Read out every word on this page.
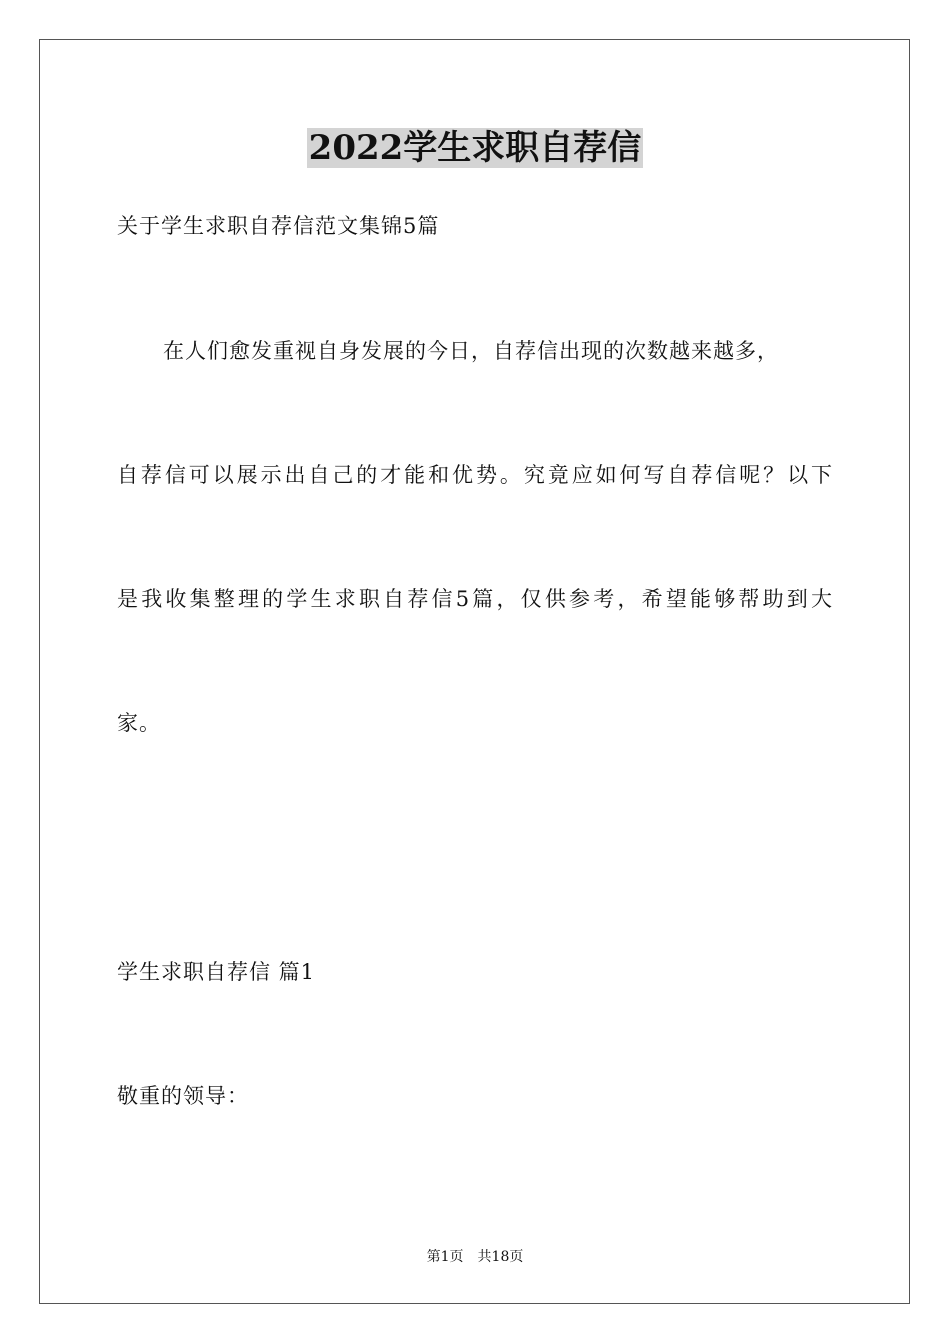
2022学生求职自荐信
关于学生求职自荐信范文集锦5篇
在人们愈发重视自身发展的今日，自荐信出现的次数越来越多，
自荐信可以展示出自己的才能和优势。究竟应如何写自荐信呢？以下
是我收集整理的学生求职自荐信5篇，仅供参考，希望能够帮助到大
家。
学生求职自荐信 篇1
敬重的领导：
第1页 共18页
